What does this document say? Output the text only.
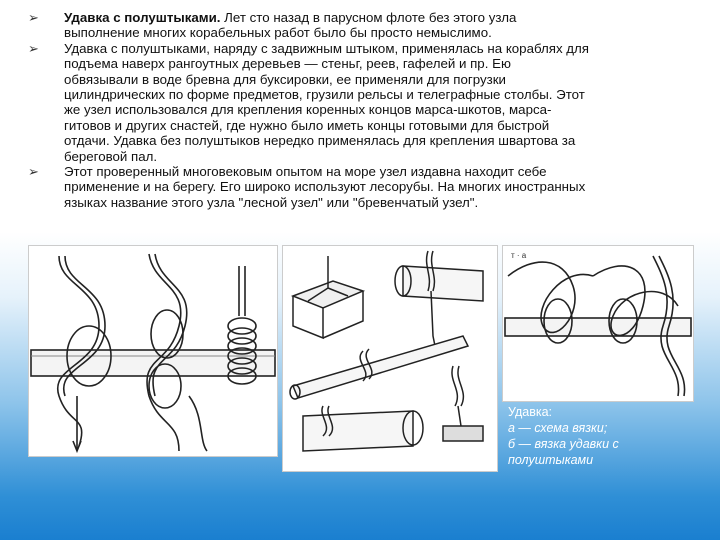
➢	Удавка с полуштыками. Лет сто назад в парусном флоте без этого узла
выполнение многих корабельных работ было бы просто немыслимо.
➢	Удавка с полуштыками, наряду с задвижным штыком, применялась на кораблях для
подъема наверх рангоутных деревьев — стеньг, реев, гафелей и пр. Ею
обвязывали в воде бревна для буксировки, ее применяли для погрузки
цилиндрических по форме предметов, грузили рельсы и телеграфные столбы. Этот
же узел использовался для крепления коренных концов марса-шкотов, марса-
гитовов и других снастей, где нужно было иметь концы готовыми для быстрой
отдачи. Удавка без полуштыков нередко применялась для крепления швартова за
береговой пал.
➢	Этот проверенный многовековым опытом на море узел издавна находит себе
применение и на берегу. Его широко используют лесорубы. На многих иностранных
языках название этого узла "лесной узел" или "бревенчатый узел".
т · а
Удавка:
а — схема вязки;
б — вязка удавки с
полуштыками
